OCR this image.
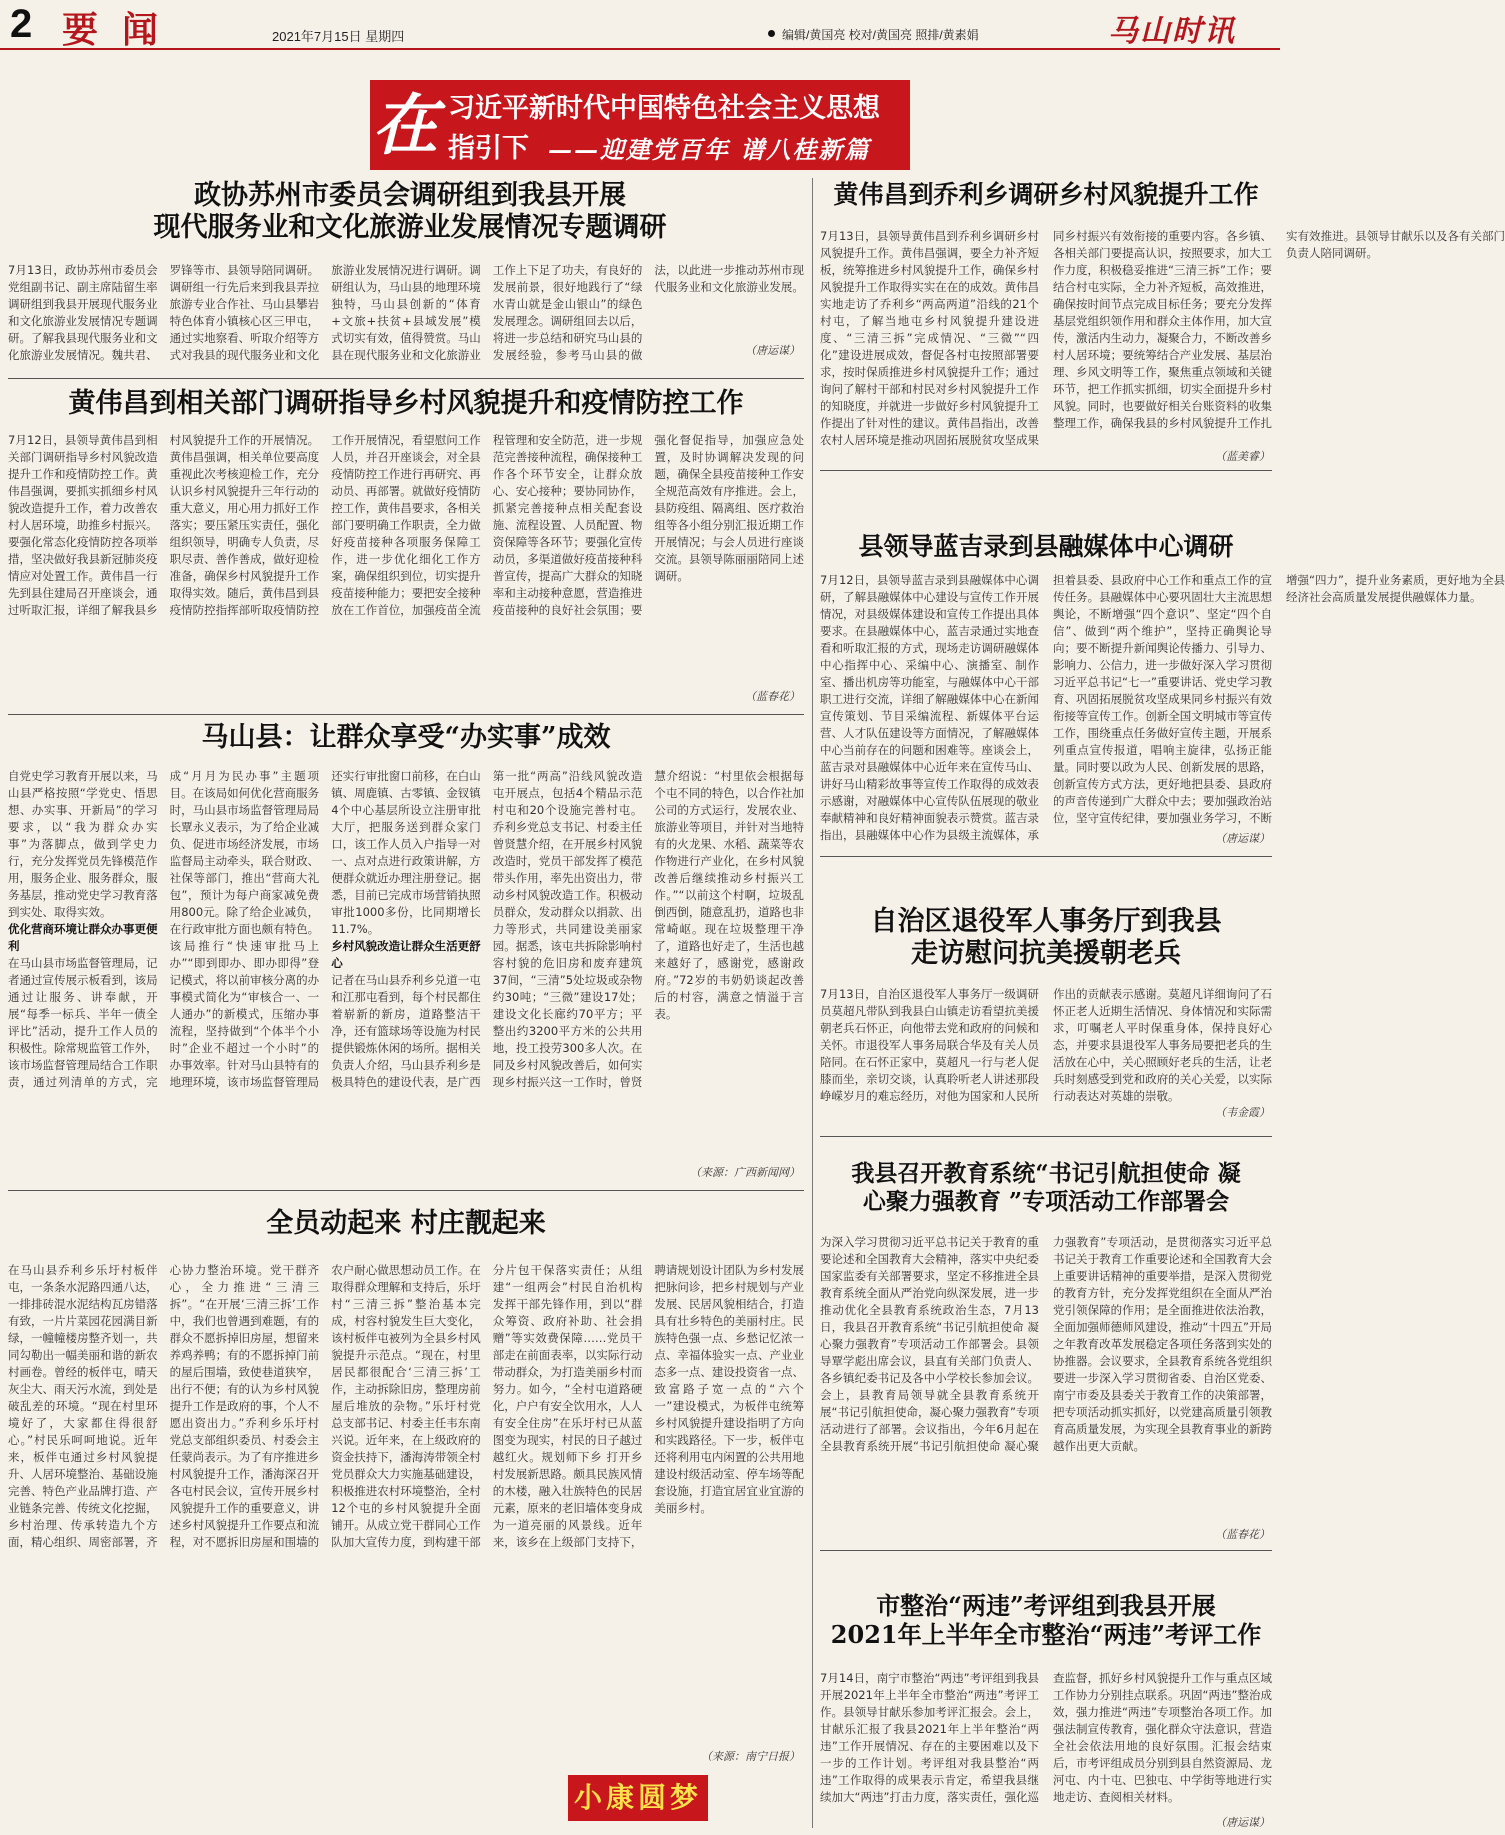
2 要闻	2021年7月15日 星期四	编辑/黄国亮 校对/黄国亮 照排/黄素娟	马山时讯
在 习近平新时代中国特色社会主义思想
指引下 ——迎建党百年 谱八桂新篇
政协苏州市委员会调研组到我县开展
现代服务业和文化旅游业发展情况专题调研
7月13日，政协苏州市委员会党组副书记、副主席陆留生率调研组到我县开展现代服务业和文化旅游业发展情况专题调研。了解我县现代服务业和文化旅游业发展情况。魏共君、罗锋等市、县领导陪同调研。调研组一行先后来到我县弄拉旅游专业合作社、马山县攀岩特色体育小镇核心区三甲屯，通过实地察看、听取介绍等方式对我县的现代服务业和文化旅游业发展情况进行调研。调研组认为，马山县的地理环境独特，马山县创新的“体育+文旅+扶贫+县域发展”模式切实有效，值得赞赏。马山县在现代服务业和文化旅游业工作上下足了功夫，有良好的发展前景，很好地践行了“绿水青山就是金山银山”的绿色发展理念。调研组回去以后，将进一步总结和研究马山县的发展经验，参考马山县的做法，以此进一步推动苏州市现代服务业和文化旅游业发展。
（唐运谋）
黄伟昌到相关部门调研指导乡村风貌提升和疫情防控工作
7月12日，县领导黄伟昌到相关部门调研指导乡村风貌改造提升工作和疫情防控工作。黄伟昌强调，要抓实抓细乡村风貌改造提升工作，着力改善农村人居环境，助推乡村振兴。要强化常态化疫情防控各项举措，坚决做好我县新冠肺炎疫情应对处置工作。黄伟昌一行先到县住建局召开座谈会，通过听取汇报，详细了解我县乡村风貌提升工作的开展情况。黄伟昌强调，相关单位要高度重视此次考核迎检工作，充分认识乡村风貌提升三年行动的重大意义，用心用力抓好工作落实；要压紧压实责任，强化组织领导，明确专人负责，尽职尽责、善作善成，做好迎检准备，确保乡村风貌提升工作取得实效。随后，黄伟昌到县疫情防控指挥部听取疫情防控工作开展情况，看望慰问工作人员，并召开座谈会，对全县疫情防控工作进行再研究、再动员、再部署。就做好疫情防控工作，黄伟昌要求，各相关部门要明确工作职责，全力做好疫苗接种各项服务保障工作，进一步优化细化工作方案，确保组织到位，切实提升疫苗接种能力；要把安全接种放在工作首位，加强疫苗全流程管理和安全防范，进一步规范完善接种流程，确保接种工作各个环节安全，让群众放心、安心接种；要协同协作，抓紧完善接种点相关配套设施、流程设置、人员配置、物资保障等各环节；要强化宣传动员，多渠道做好疫苗接种科普宣传，提高广大群众的知晓率和主动接种意愿，营造推进疫苗接种的良好社会氛围；要强化督促指导，加强应急处置，及时协调解决发现的问题，确保全县疫苗接种工作安全规范高效有序推进。会上，县防疫组、隔离组、医疗救治组等各小组分别汇报近期工作开展情况；与会人员进行座谈交流。县领导陈丽丽陪同上述调研。
（蓝春花）
马山县：让群众享受“办实事”成效
自党史学习教育开展以来，马山县严格按照“学党史、悟思想、办实事、开新局”的学习要求，以“我为群众办实事”为落脚点，做到学史力行，充分发挥党员先锋模范作用，服务企业、服务群众，服务基层，推动党史学习教育落到实处、取得实效。
优化营商环境让群众办事更便利
在马山县市场监督管理局，记者通过宣传展示板看到，该局通过让服务、讲奉献，开展“每季一标兵、半年一债全评比”活动，提升工作人员的积极性。除常规监管工作外，该市场监督管理局结合工作职责，通过列清单的方式，完成“月月为民办事”主题项目。在该局如何优化营商服务时，马山县市场监督管理局局长覃永义表示，为了给企业减负、促进市场经济发展，市场监督局主动牵头，联合财政、社保等部门，推出“营商大礼包”，预计为每户商家减免费用800元。除了给企业减负，在行政审批方面也颇有特色。该局推行“快速审批马上办”“即到即办、即办即得”登记模式，将以前审核分离的办事模式简化为“审核合一、一人通办”的新模式，压缩办事流程，坚持做到“个体半个小时”企业不超过一个小时”的办事效率。针对马山县特有的地理环境，该市场监督管理局还实行审批窗口前移，在白山镇、周鹿镇、古零镇、金钗镇4个中心基层所设立注册审批大厅，把服务送到群众家门口，该工作人员入户指导一对一、点对点进行政策讲解，方便群众就近办理注册登记。据悉，目前已完成市场营销执照审批1000多份，比同期增长11.7%。
乡村风貌改造让群众生活更舒心
记者在马山县乔利乡兑道一屯和江那屯看到，每个村民都住着崭新的新房，道路整洁干净，还有篮球场等设施为村民提供锻炼休闲的场所。据相关负责人介绍，马山县乔利乡是极具特色的建设代表，是广西第一批“两高”沿线风貌改造屯开展点，包括4个精品示范村屯和20个设施完善村屯。乔利乡党总支书记、村委主任曾贤慧介绍，在开展乡村风貌改造时，党员干部发挥了模范带头作用，率先出资出力，带动乡村风貌改造工作。积极动员群众，发动群众以捐款、出力等形式，共同建设美丽家园。据悉，该屯共拆除影响村容村貌的危旧房和废弃建筑37间，“三清”5处垃圾或杂物约30吨；“三微”建设17处；建设文化长廊约70平方；平整出约3200平方米的公共用地，投工投劳300多人次。在同及乡村风貌改善后，如何实现乡村振兴这一工作时，曾贤慧介绍说：“村里依会根据每个屯不同的特色，以合作社加公司的方式运行，发展农业、旅游业等项目，并针对当地特有的火龙果、水稻、蔬菜等农作物进行产业化，在乡村风貌改善后继续推动乡村振兴工作。”“以前这个村啊，垃圾乱倒西倒，随意乱扔，道路也非常崎岖。现在垃圾整理干净了，道路也好走了，生活也越来越好了，感谢党，感谢政府。”72岁的韦奶奶谈起改善后的村容，满意之情溢于言表。
（来源：广西新闻网）
全员动起来 村庄靓起来
在马山县乔利乡乐圩村板伴屯，一条条水泥路四通八达，一排排砖混水泥结构瓦房错落有致，一片片菜园花园满目新绿，一幢幢楼房整齐划一，共同勾勒出一幅美丽和谐的新农村画卷。曾经的板伴屯，晴天灰尘大、雨天污水流，到处是破乱差的环境。“现在村里环境好了，大家都住得很舒心。”村民乐呵呵地说。近年来，板伴屯通过乡村风貌提升、人居环境整治、基础设施完善、特色产业品牌打造、产业链条完善、传统文化挖掘，乡村治理、传承转造九个方面，精心组织、周密部署，齐心协力整治环境。党干群齐心，全力推进“三清三拆”。“在开展‘三清三拆’工作中，我们也曾遇到难题，有的群众不愿拆掉旧房屋，想留来养鸡养鸭；有的不愿拆掉门前的屋后围墙，致使巷道狭窄，出行不便；有的认为乡村风貌提升工作是政府的事，个人不愿出资出力。”乔利乡乐圩村党总支部组织委员、村委会主任蒙尚表示。为了有序推进乡村风貌提升工作，潘海深召开各屯村民会议，宣传开展乡村风貌提升工作的重要意义，讲述乡村风貌提升工作要点和流程，对不愿拆旧房屋和围墙的农户耐心做思想动员工作。在取得群众理解和支持后，乐圩村“三清三拆”整治基本完成，村容村貌发生巨大变化，该村板伴屯被列为全县乡村风貌提升示范点。“现在，村里居民都很配合‘三清三拆’工作，主动拆除旧房，整理房前屋后堆放的杂物。”乐圩村党总支部书记、村委主任韦东南兴说。近年来，在上级政府的资金扶持下，潘海涛带领全村党员群众大力实施基础建设，积极推进农村环境整治，全村12个屯的乡村风貌提升全面铺开。从成立党干群同心工作队加大宣传力度，到构建干部分片包干保落实责任；从组建“一组两会”村民自治机构发挥干部先锋作用，到以“群众筹资、政府补助、社会捐赠”等实效费保障……党员干部走在前面表率，以实际行动带动群众，为打造美丽乡村而努力。如今，“全村屯道路硬化，户户有安全饮用水，人人有安全住房”在乐圩村已从蓝图变为现实，村民的日子越过越红火。规划师下乡 打开乡村发展新思路。颇具民族风情的木楼，融入壮族特色的民居元素，原来的老旧墙体变身成为一道亮丽的风景线。近年来，该乡在上级部门支持下，聘请规划设计团队为乡村发展把脉问诊，把乡村规划与产业发展、民居风貌相结合，打造具有壮乡特色的美丽村庄。民族特色强一点、乡愁记忆浓一点、幸福体验实一点、产业业态多一点、建设投资省一点、致富路子宽一点的“六个一”建设模式，为板伴屯统筹乡村风貌提升建设指明了方向和实践路径。下一步，板伴屯还将利用屯内闲置的公共用地建设村级活动室、停车场等配套设施，打造宜居宜业宜游的美丽乡村。
（来源：南宁日报）
小康圆梦
黄伟昌到乔利乡调研乡村风貌提升工作
7月13日，县领导黄伟昌到乔利乡调研乡村风貌提升工作。黄伟昌强调，要全力补齐短板，统筹推进乡村风貌提升工作，确保乡村风貌提升工作取得实实在在的成效。黄伟昌实地走访了乔利乡“两高两道”沿线的21个村屯，了解当地屯乡村风貌提升建设进度、“三清三拆”完成情况、“三微”“四化”建设进展成效，督促各村屯按照部署要求，按时保质推进乡村风貌提升工作；通过询问了解村干部和村民对乡村风貌提升工作的知晓度，并就进一步做好乡村风貌提升工作提出了针对性的建议。黄伟昌指出，改善农村人居环境是推动巩固拓展脱贫攻坚成果同乡村振兴有效衔接的重要内容。各乡镇、各相关部门要提高认识，按照要求，加大工作力度，积极稳妥推进“三清三拆”工作；要结合村屯实际，全力补齐短板，高效推进，确保按时间节点完成目标任务；要充分发挥基层党组织领作用和群众主体作用，加大宣传，激活内生动力，凝聚合力，不断改善乡村人居环境；要统筹结合产业发展、基层治理、乡风文明等工作，聚焦重点领域和关键环节，把工作抓实抓细，切实全面提升乡村风貌。同时，也要做好相关台账资料的收集整理工作，确保我县的乡村风貌提升工作扎实有效推进。县领导甘献乐以及各有关部门负责人陪同调研。
（蓝美睿）
县领导蓝吉录到县融媒体中心调研
7月12日，县领导蓝吉录到县融媒体中心调研，了解县融媒体中心建设与宣传工作开展情况，对县级媒体建设和宣传工作提出具体要求。在县融媒体中心，蓝吉录通过实地查看和听取汇报的方式，现场走访调研融媒体中心指挥中心、采编中心、演播室、制作室、播出机房等功能室，与融媒体中心干部职工进行交流，详细了解融媒体中心在新闻宣传策划、节目采编流程、新媒体平台运营、人才队伍建设等方面情况，了解融媒体中心当前存在的问题和困难等。座谈会上，蓝吉录对县融媒体中心近年来在宣传马山、讲好马山精彩故事等宣传工作取得的成效表示感谢，对融媒体中心宣传队伍展现的敬业奉献精神和良好精神面貌表示赞赏。蓝吉录指出，县融媒体中心作为县级主流媒体，承担着县委、县政府中心工作和重点工作的宣传任务。县融媒体中心要巩固壮大主流思想舆论，不断增强“四个意识”、坚定“四个自信”、做到“两个维护”，坚持正确舆论导向；要不断提升新闻舆论传播力、引导力、影响力、公信力，进一步做好深入学习贯彻习近平总书记“七一”重要讲话、党史学习教育、巩固拓展脱贫攻坚成果同乡村振兴有效衔接等宣传工作。创新全国文明城市等宣传工作，围绕重点任务做好宣传主题，开展系列重点宣传报道，唱响主旋律，弘扬正能量。同时要以政为人民、创新发展的思路，创新宣传方式方法，更好地把县委、县政府的声音传递到广大群众中去；要加强政治站位，坚守宣传纪律，要加强业务学习，不断增强“四力”，提升业务素质，更好地为全县经济社会高质量发展提供融媒体力量。
（唐运谋）
自治区退役军人事务厅到我县
走访慰问抗美援朝老兵
7月13日，自治区退役军人事务厅一级调研员莫超凡带队到我县白山镇走访看望抗美援朝老兵石怀正，向他带去党和政府的问候和关怀。市退役军人事务局联合华及有关人员陪同。在石怀正家中，莫超凡一行与老人促膝而坐，亲切交谈，认真聆听老人讲述那段峥嵘岁月的难忘经历，对他为国家和人民所作出的贡献表示感谢。莫超凡详细询问了石怀正老人近期生活情况、身体情况和实际需求，叮嘱老人平时保重身体，保持良好心态，并要求县退役军人事务局要把老兵的生活放在心中，关心照顾好老兵的生活，让老兵时刻感受到党和政府的关心关爱，以实际行动表达对英雄的崇敬。
（韦金霞）
我县召开教育系统“书记引航担使命 凝
心聚力强教育 ”专项活动工作部署会
为深入学习贯彻习近平总书记关于教育的重要论述和全国教育大会精神，落实中央纪委国家监委有关部署要求，坚定不移推进全县教育系统全面从严治党向纵深发展，进一步推动优化全县教育系统政治生态，7月13日，我县召开教育系统“书记引航担使命 凝心聚力强教育”专项活动工作部署会。县领导覃学彪出席会议，县直有关部门负责人、各乡镇纪委书记及各中小学校长参加会议。会上，县教育局领导就全县教育系统开展“书记引航担使命，凝心聚力强教育”专项活动进行了部署。会议指出，今年6月起在全县教育系统开展“书记引航担使命 凝心聚力强教育”专项活动，是贯彻落实习近平总书记关于教育工作重要论述和全国教育大会上重要讲话精神的重要举措，是深入贯彻党的教育方针，充分发挥党组织在全面从严治党引领保障的作用；是全面推进依法治教，全面加强师德师风建设，推动“十四五”开局之年教育改革发展稳定各项任务落到实处的协推器。会议要求，全县教育系统各党组织要进一步深入学习贯彻省委、自治区党委、南宁市委及县委关于教育工作的决策部署，把专项活动抓实抓好，以党建高质量引领教育高质量发展，为实现全县教育事业的新跨越作出更大贡献。
（蓝春花）
市整治“两违”考评组到我县开展
2021年上半年全市整治“两违”考评工作
7月14日，南宁市整治“两违”考评组到我县开展2021年上半年全市整治“两违”考评工作。县领导甘献乐参加考评汇报会。会上，甘献乐汇报了我县2021年上半年整治“两违”工作开展情况、存在的主要困难以及下一步的工作计划。考评组对我县整治“两违”工作取得的成果表示肯定，希望我县继续加大“两违”打击力度，落实责任，强化巡查监督，抓好乡村风貌提升工作与重点区域工作协力分别挂点联系。巩固“两违”整治成效，强力推进“两违”专项整治各项工作。加强法制宣传教育，强化群众守法意识，营造全社会依法用地的良好氛围。汇报会结束后，市考评组成员分别到县自然资源局、龙河屯、内十屯、巴独屯、中学街等地进行实地走访、查阅相关材料。
（唐运谋）
